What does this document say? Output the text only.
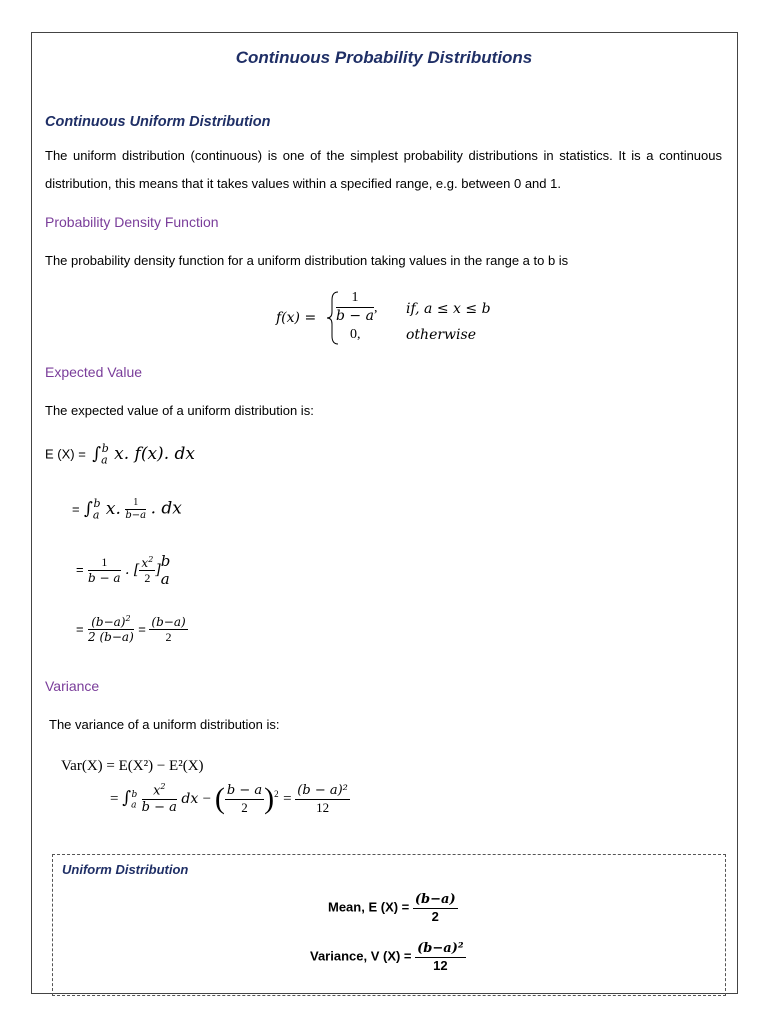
Continuous Probability Distributions
Continuous Uniform Distribution
The uniform distribution (continuous) is one of the simplest probability distributions in statistics. It is a continuous distribution, this means that it takes values within a specified range, e.g. between 0 and 1.
Probability Density Function
The probability density function for a uniform distribution taking values in the range a to b is
$f(x) = \frac{1}{b - a}$ , if, a ≤ x ≤ b
0,	otherwise
Expected Value
The expected value of a uniform distribution is:
E $(X) = \int_a^b$ x. f(x). dx
= $\int_a^b$ x. $\frac{1}{b-a}$ . dx
= $\frac{1}{b - a}$ . [ $\frac{x^2}{2} ]b$
a
= $\frac{(b-a)^2}{2 (b-a)} = \frac{(b-a)}{2}$
Variance
The variance of a uniform distribution is:
Var(X) = E(X²) − E²(X)
= $\int_a^b \frac{x^2}{b - a}$ dx − ( $\frac{b - a}{2} )^2 = \frac{\text{(b − a)²}}{12}$
Uniform Distribution
Mean, E $(X) = \frac{(b-a)}{2}$
Variance, V $(X) = \frac{\text{(b−a)²}}{12}$
